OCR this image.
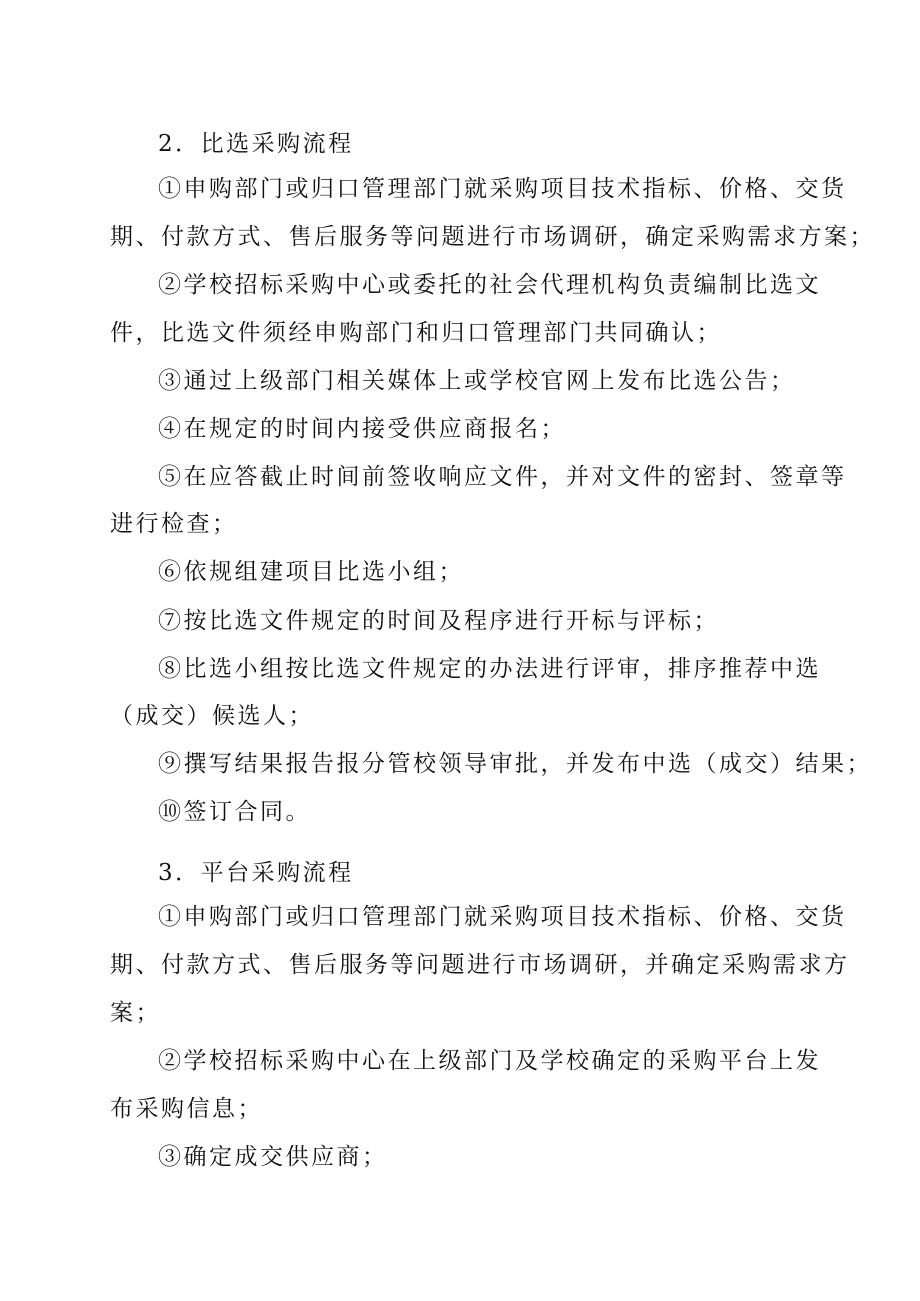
2．比选采购流程
①申购部门或归口管理部门就采购项目技术指标、价格、交货
期、付款方式、售后服务等问题进行市场调研，确定采购需求方案；
②学校招标采购中心或委托的社会代理机构负责编制比选文
件，比选文件须经申购部门和归口管理部门共同确认；
③通过上级部门相关媒体上或学校官网上发布比选公告；
④在规定的时间内接受供应商报名；
⑤在应答截止时间前签收响应文件，并对文件的密封、签章等
进行检查；
⑥依规组建项目比选小组；
⑦按比选文件规定的时间及程序进行开标与评标；
⑧比选小组按比选文件规定的办法进行评审，排序推荐中选
（成交）候选人；
⑨撰写结果报告报分管校领导审批，并发布中选（成交）结果；
⑩签订合同。
3．平台采购流程
①申购部门或归口管理部门就采购项目技术指标、价格、交货
期、付款方式、售后服务等问题进行市场调研，并确定采购需求方
案；
②学校招标采购中心在上级部门及学校确定的采购平台上发
布采购信息；
③确定成交供应商；
